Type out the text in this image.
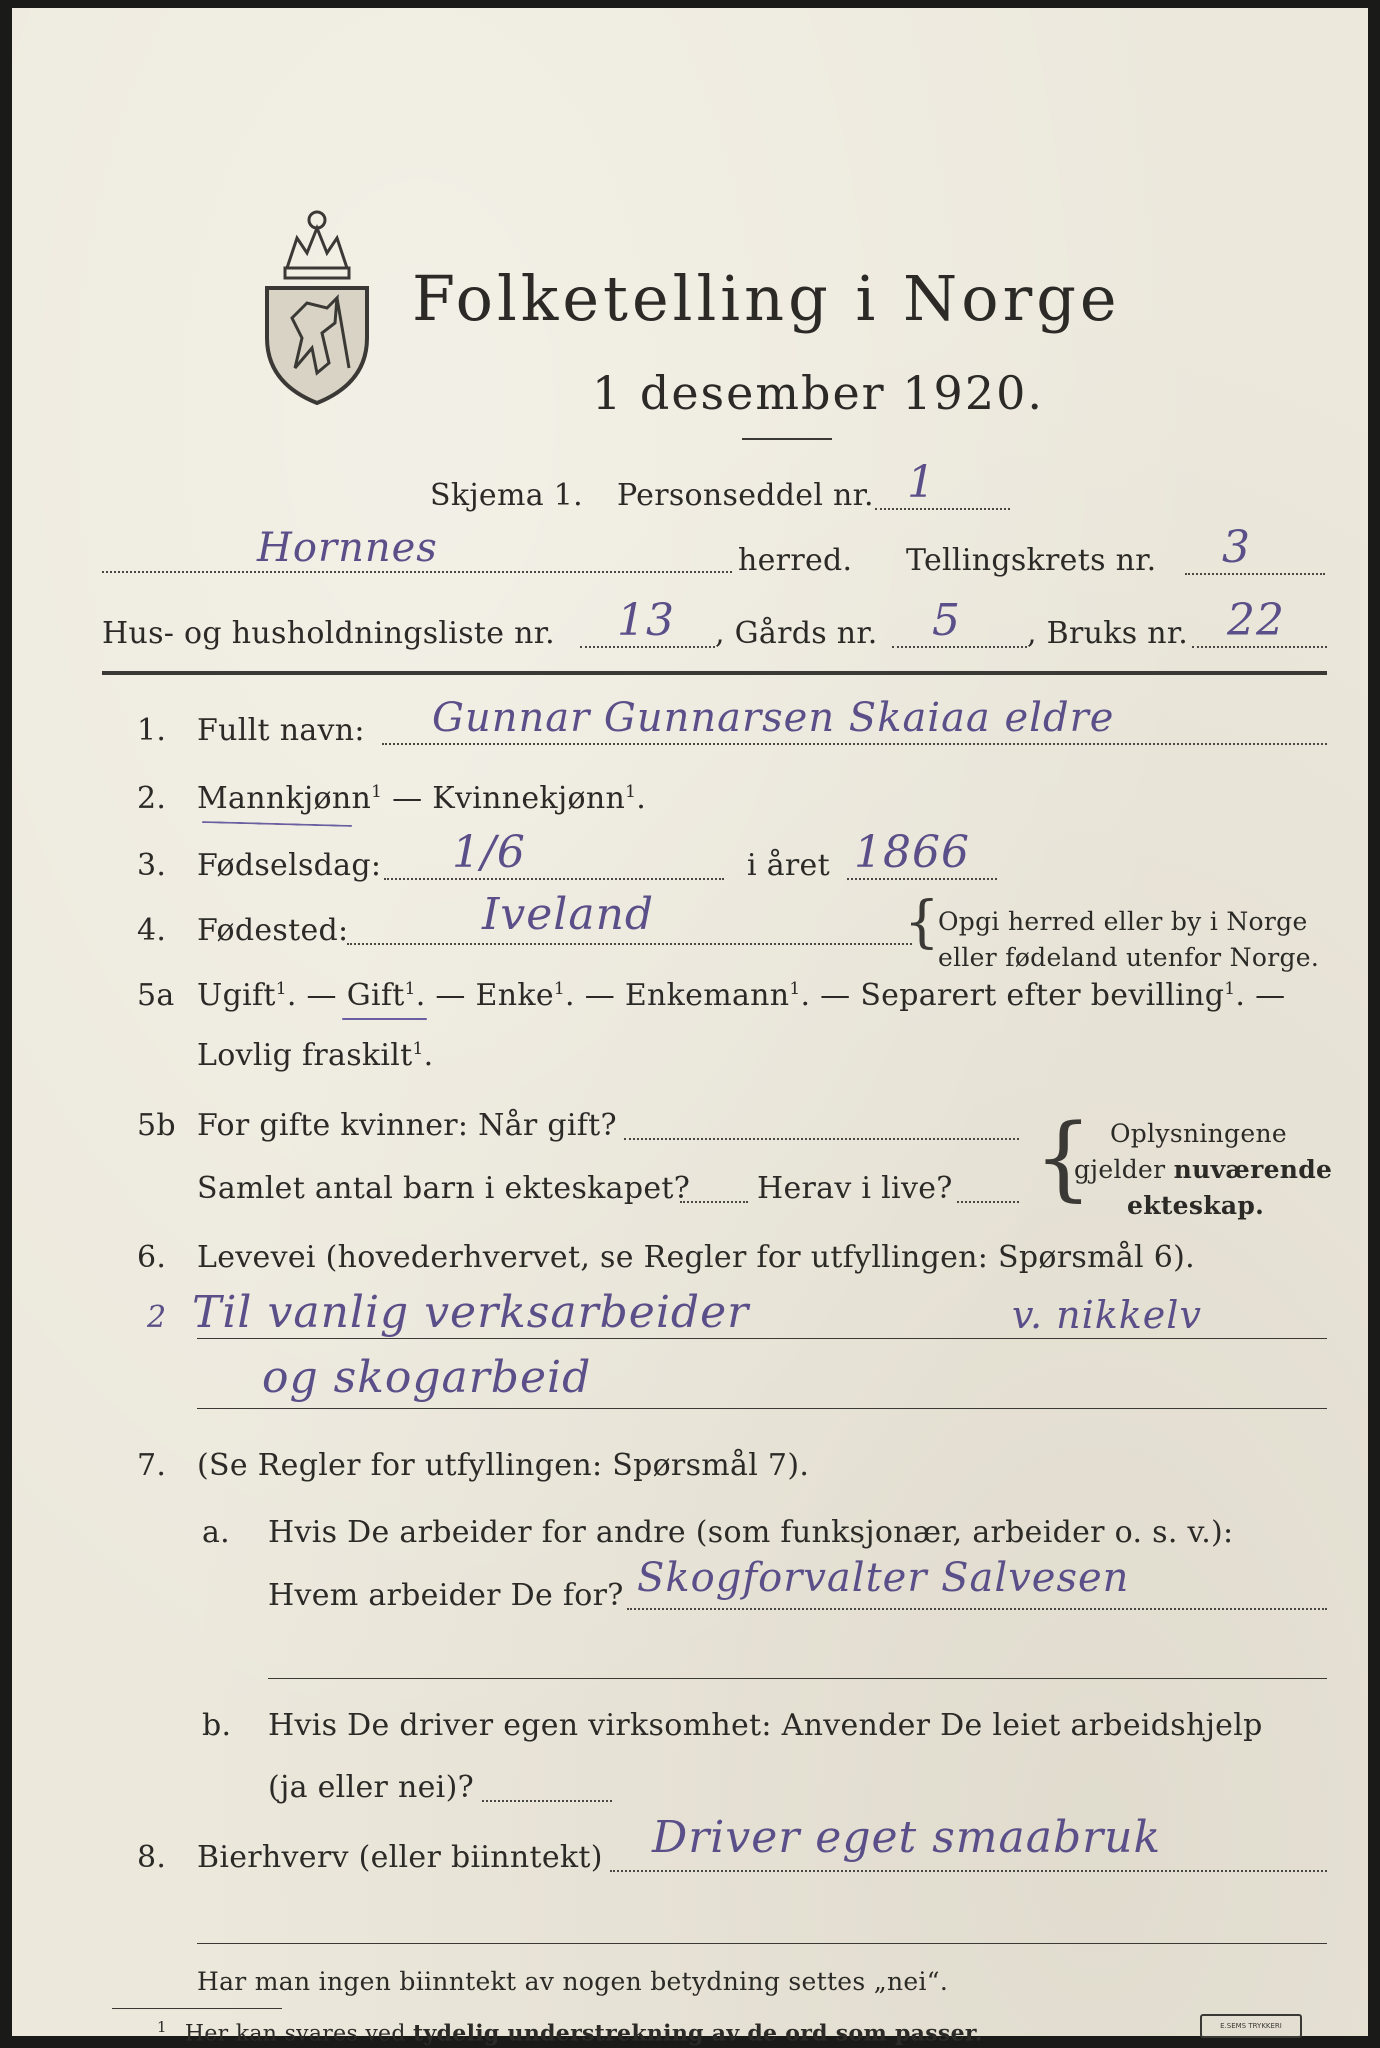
Folketelling i Norge
1 desember 1920.
Skjema 1. Personseddel nr. 1
Hornnes	herred. Tellingskrets nr. 3
Hus- og husholdningsliste nr. 13 , Gårds nr. 5 , Bruks nr. 22
1. Fullt navn: Gunnar Gunnarsen Skaiaa eldre
2. Mannkjønn$^1$ — Kvinnekjønn$^1$.
3. Fødselsdag: 1/6	i året 1866
4. Fødested:	Iveland	{
Opgi herred eller by i Norge
eller fødeland utenfor Norge.
5a Ugift$^1$. — Gift$^1$. — Enke$^1$. — Enkemann$^1$. — Separert efter bevilling$^1$. —
Lovlig fraskilt$^1$.
5b For gifte kvinner: Når gift?
Samlet antal barn i ekteskapet? Herav i live? { Oplysningene
gjelder nuværende
ekteskap.
6. Levevei (hovederhvervet, se Regler for utfyllingen: Spørsmål 6).
2 Til vanlig verksarbeider	v. nikkelv
og skogarbeid
7. (Se Regler for utfyllingen: Spørsmål 7).
a. Hvis De arbeider for andre (som funksjonær, arbeider o. s. v.):
Hvem arbeider De for? Skogforvalter Salvesen
b. Hvis De driver egen virksomhet: Anvender De leiet arbeidshjelp
(ja eller nei)?
8. Bierhverv (eller biinntekt) Driver eget smaabruk
Har man ingen biinntekt av nogen betydning settes „nei“.
$^1$ Her kan svares ved tydelig understrekning av de ord som passer.	E.SEMS TRYKKERI
